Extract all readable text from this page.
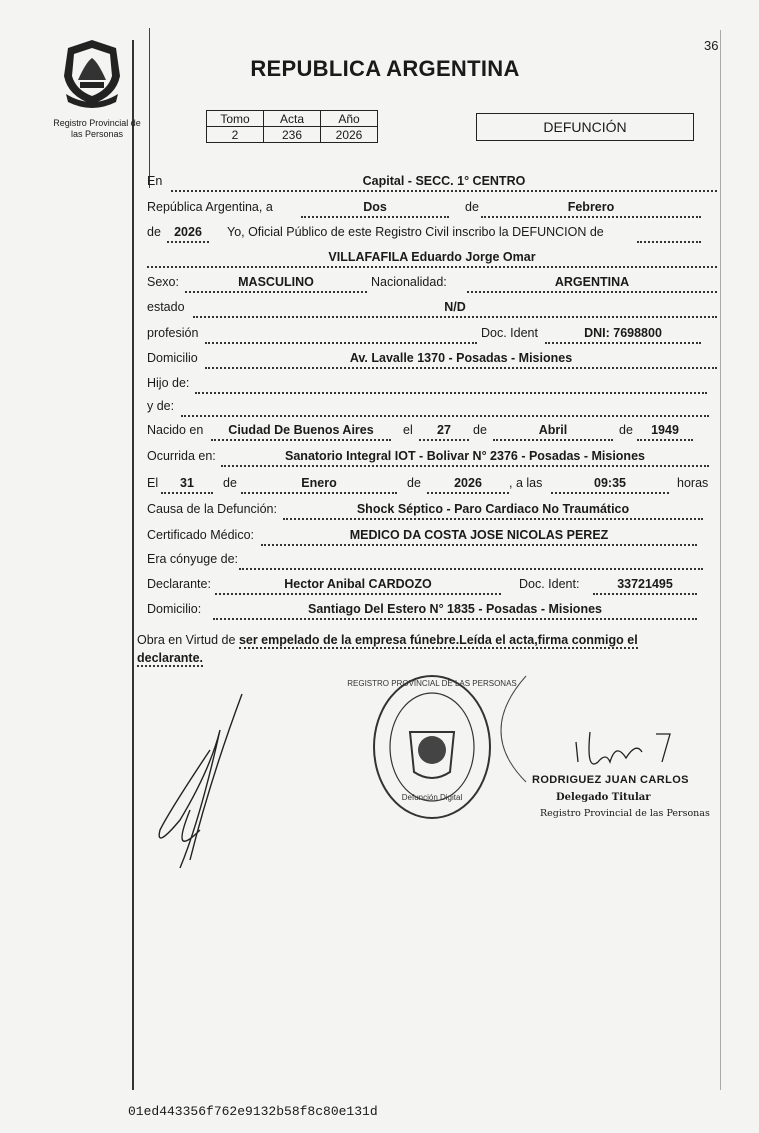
36
Registro Provincial de
las Personas
REPUBLICA ARGENTINA
Tomo	Acta	Año
2	236	2026	DEFUNCIÓN
En	Capital - SECC. 1° CENTRO
República Argentina, a	Dos	de	Febrero
de	2026	Yo, Oficial Público de este Registro Civil inscribo la DEFUNCION de
VILLAFAFILA Eduardo Jorge Omar
Sexo:	MASCULINO	Nacionalidad:	ARGENTINA
estado	N/D
profesión	Doc. Ident	DNI: 7698800
Domicilio	Av. Lavalle 1370 - Posadas - Misiones
Hijo de:
y de:
Nacido en	Ciudad De Buenos Aires	el	27	de	Abril	de	1949
Ocurrida en:	Sanatorio Integral IOT - Bolivar N° 2376 - Posadas - Misiones
El	31	de	Enero	de	2026	, a las	09:35	horas
Causa de la Defunción:	Shock Séptico - Paro Cardiaco No Traumático
Certificado Médico:	MEDICO DA COSTA JOSE NICOLAS PEREZ
Era cónyuge de:
Declarante:	Hector Anibal CARDOZO	Doc. Ident:	33721495
Domicilio:	Santiago Del Estero N° 1835 - Posadas - Misiones
Obra en Virtud de ser empelado de la empresa fúnebre.Leída el acta,firma conmigo el
declarante.
REGISTRO PROVINCIAL DE LAS PERSONAS
Defunción Digital
RODRIGUEZ JUAN CARLOS
Delegado Titular
Registro Provincial de las Personas
01ed443356f762e9132b58f8c80e131d
